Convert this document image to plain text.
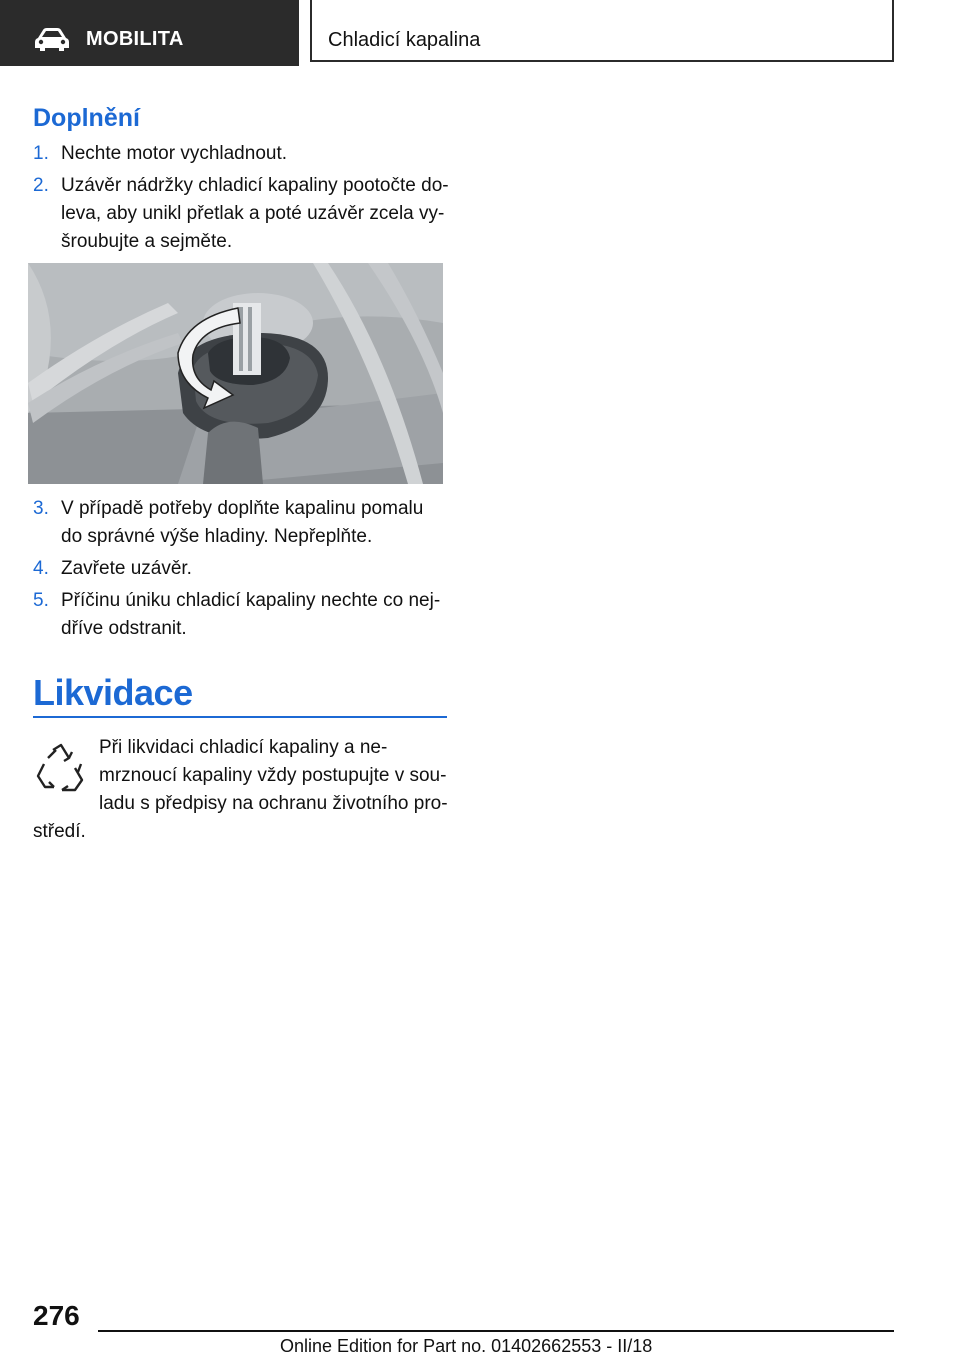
MOBILITA	Chladicí kapalina
Doplnění
1. Nechte motor vychladnout.
2. Uzávěr nádržky chladicí kapaliny pootočte do-
leva, aby unikl přetlak a poté uzávěr zcela vy-
šroubujte a sejměte.
3. V případě potřeby doplňte kapalinu pomalu
do správné výše hladiny. Nepřeplňte.
4. Zavřete uzávěr.
5. Příčinu úniku chladicí kapaliny nechte co nej-
dříve odstranit.
Likvidace
Při likvidaci chladicí kapaliny a ne-
mrznoucí kapaliny vždy postupujte v sou-
ladu s předpisy na ochranu životního pro-
středí.
276
Online Edition for Part no. 01402662553 - II/18
